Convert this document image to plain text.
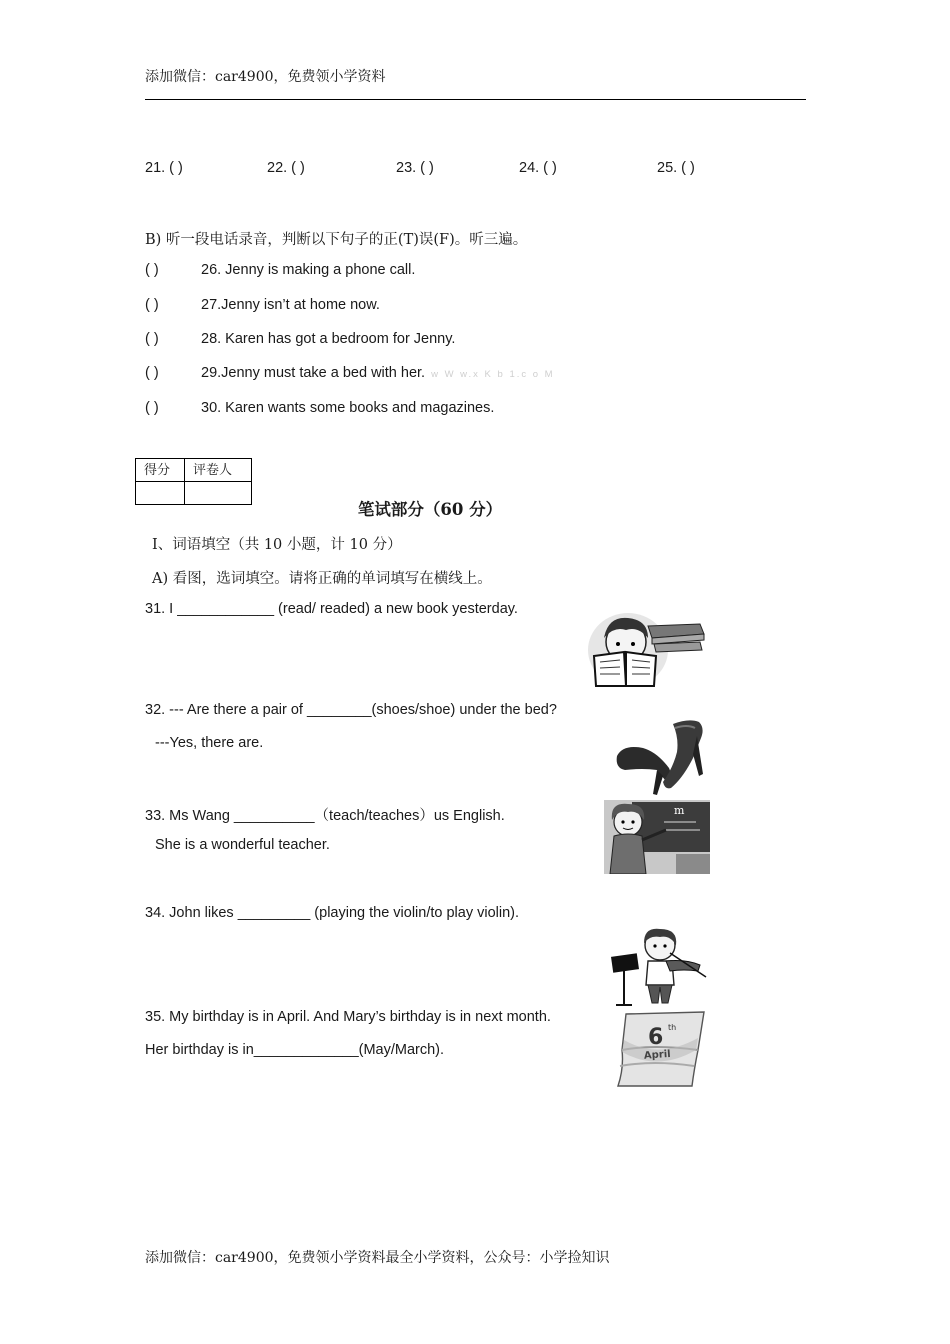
添加微信：car4900，免费领小学资料
21. ( )	22. ( )	23. ( )	24. ( )	25. ( )
B) 听一段电话录音，判断以下句子的正(T)误(F)。听三遍。
( )	26. Jenny is making a phone call.
( )	27.Jenny isn’t at home now.
( )	28. Karen has got a bedroom for Jenny.
( )	29.Jenny must take a bed with her. w W w.x K b 1.c o M
( )	30. Karen wants some books and magazines.
得分	评卷人

笔试部分（60 分）
I、词语填空（共 10 小题，计 10 分）
A) 看图，选词填空。请将正确的单词填写在横线上。
31. I ____________ (read/ readed) a new book yesterday.
32. --- Are there a pair of ________(shoes/shoe) under the bed?
---Yes, there are.
33. Ms Wang __________（teach/teaches）us English.
She is a wonderful teacher.
m
34. John likes _________ (playing the violin/to play violin).
35. My birthday is in April. And Mary’s birthday is in next month.
Her birthday is in_____________(May/March).	6 th
April
添加微信：car4900，免费领小学资料最全小学资料，公众号：小学捡知识
